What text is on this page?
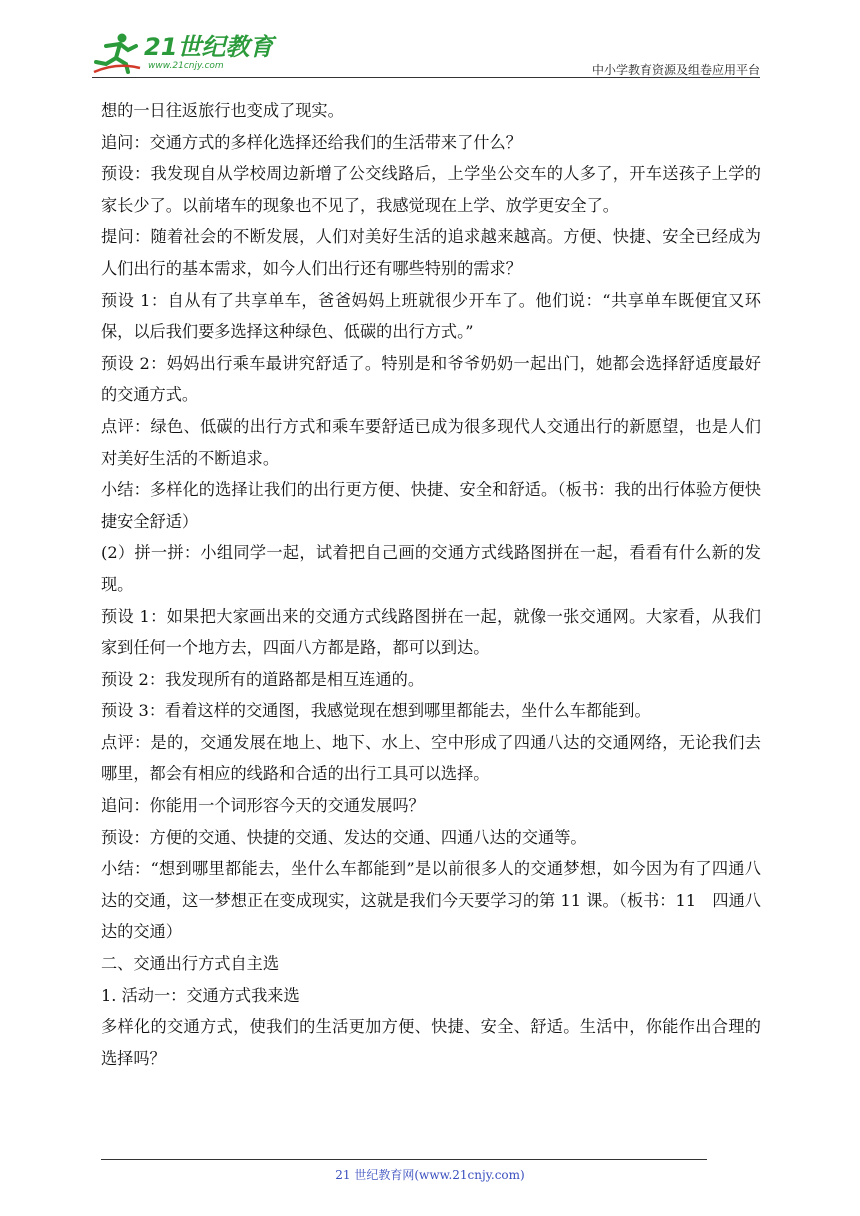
21世纪教育
www.21cnjy.com	中小学教育资源及组卷应用平台

想的一日往返旅行也变成了现实。

追问：交通方式的多样化选择还给我们的生活带来了什么？

预设：我发现自从学校周边新增了公交线路后，上学坐公交车的人多了，开车送孩子上学的家长少了。以前堵车的现象也不见了，我感觉现在上学、放学更安全了。

提问：随着社会的不断发展，人们对美好生活的追求越来越高。方便、快捷、安全已经成为人们出行的基本需求，如今人们出行还有哪些特别的需求？

预设 1：自从有了共享单车，爸爸妈妈上班就很少开车了。他们说：“共享单车既便宜又环保，以后我们要多选择这种绿色、低碳的出行方式。”

预设 2：妈妈出行乘车最讲究舒适了。特别是和爷爷奶奶一起出门，她都会选择舒适度最好的交通方式。

点评：绿色、低碳的出行方式和乘车要舒适已成为很多现代人交通出行的新愿望，也是人们对美好生活的不断追求。

小结：多样化的选择让我们的出行更方便、快捷、安全和舒适。（板书：我的出行体验方便快捷安全舒适）

(2）拼一拼：小组同学一起，试着把自己画的交通方式线路图拼在一起，看看有什么新的发现。

预设 1：如果把大家画出来的交通方式线路图拼在一起，就像一张交通网。大家看，从我们家到任何一个地方去，四面八方都是路，都可以到达。

预设 2：我发现所有的道路都是相互连通的。

预设 3：看着这样的交通图，我感觉现在想到哪里都能去，坐什么车都能到。

点评：是的，交通发展在地上、地下、水上、空中形成了四通八达的交通网络，无论我们去哪里，都会有相应的线路和合适的出行工具可以选择。

追问：你能用一个词形容今天的交通发展吗？

预设：方便的交通、快捷的交通、发达的交通、四通八达的交通等。

小结：“想到哪里都能去，坐什么车都能到”是以前很多人的交通梦想，如今因为有了四通八达的交通，这一梦想正在变成现实，这就是我们今天要学习的第 11 课。（板书：11　四通八达的交通）

二、交通出行方式自主选

1. 活动一：交通方式我来选

多样化的交通方式，使我们的生活更加方便、快捷、安全、舒适。生活中，你能作出合理的选择吗？

21 世纪教育网(www.21cnjy.com)
